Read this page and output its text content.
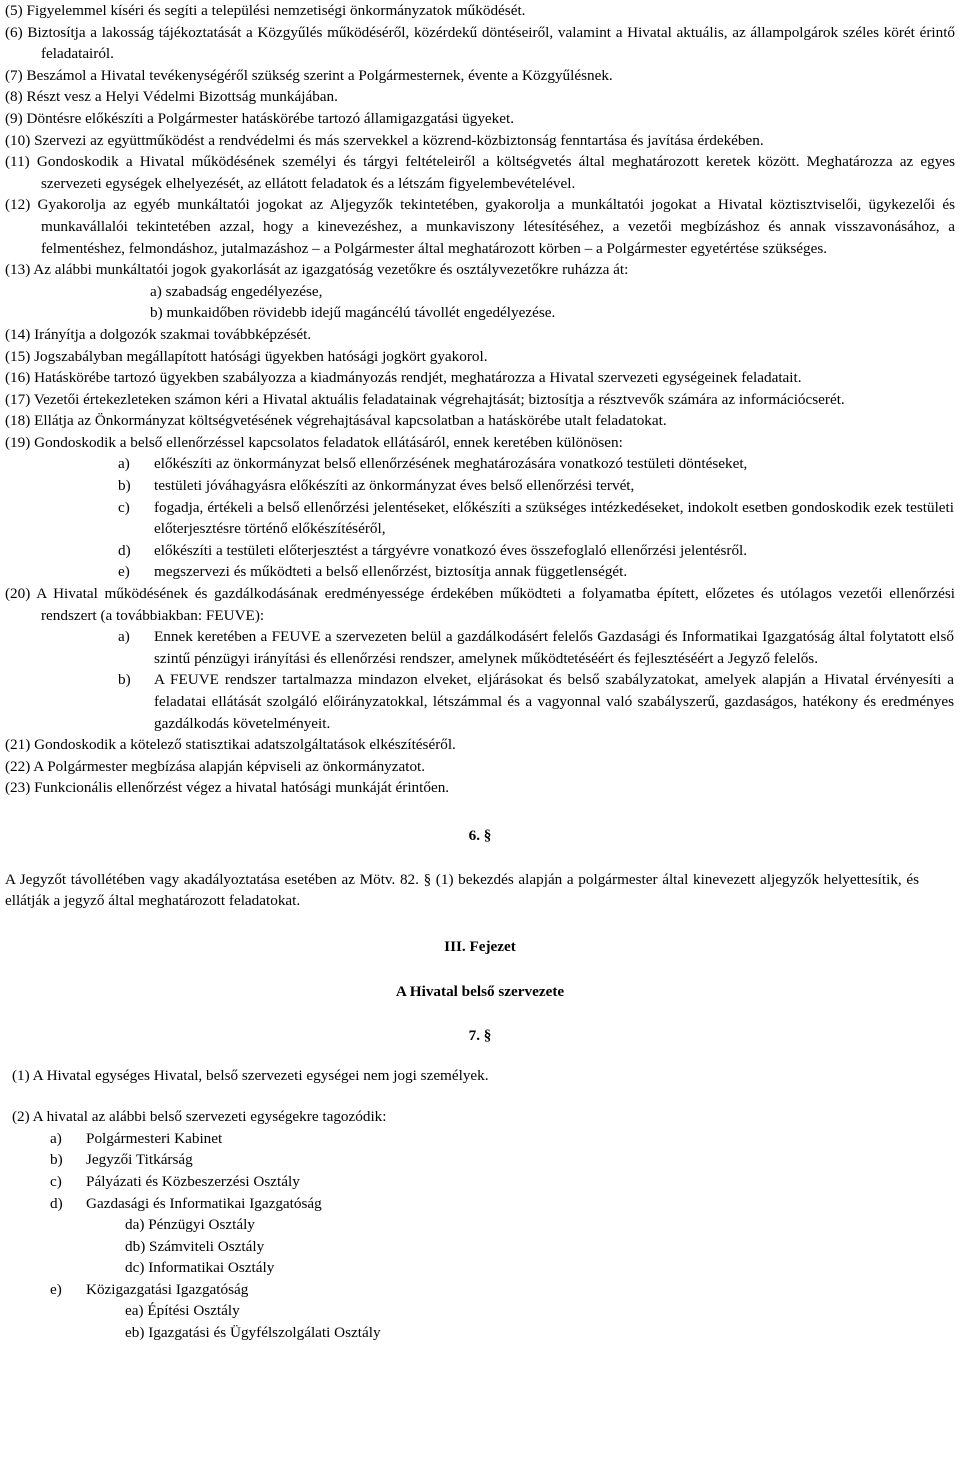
(5) Figyelemmel kíséri és segíti a települési nemzetiségi önkormányzatok működését.
(6) Biztosítja a lakosság tájékoztatását a Közgyűlés működéséről, közérdekű döntéseiről, valamint a Hivatal aktuális, az állampolgárok széles körét érintő feladatairól.
(7) Beszámol a Hivatal tevékenységéről szükség szerint a Polgármesternek, évente a Közgyűlésnek.
(8) Részt vesz a Helyi Védelmi Bizottság munkájában.
(9) Döntésre előkészíti a Polgármester hatáskörébe tartozó államigazgatási ügyeket.
(10) Szervezi az együttműködést a rendvédelmi és más szervekkel a közrend-közbiztonság fenntartása és javítása érdekében.
(11) Gondoskodik a Hivatal működésének személyi és tárgyi feltételeiről a költségvetés által meghatározott keretek között. Meghatározza az egyes szervezeti egységek elhelyezését, az ellátott feladatok és a létszám figyelembevételével.
(12) Gyakorolja az egyéb munkáltatói jogokat az Aljegyzők tekintetében, gyakorolja a munkáltatói jogokat a Hivatal köztisztviselői, ügykezelői és munkavállalói tekintetében azzal, hogy a kinevezéshez, a munkaviszony létesítéséhez, a vezetői megbízáshoz és annak visszavonásához, a felmentéshez, felmondáshoz, jutalmazáshoz – a Polgármester által meghatározott körben – a Polgármester egyetértése szükséges.
(13) Az alábbi munkáltatói jogok gyakorlását az igazgatóság vezetőkre és osztályvezetőkre ruházza át:

a) szabadság engedélyezése,

b) munkaidőben rövidebb idejű magáncélú távollét engedélyezése.

(14) Irányítja a dolgozók szakmai továbbképzését.
(15) Jogszabályban megállapított hatósági ügyekben hatósági jogkört gyakorol.
(16) Hatáskörébe tartozó ügyekben szabályozza a kiadmányozás rendjét, meghatározza a Hivatal szervezeti egységeinek feladatait.
(17) Vezetői értekezleteken számon kéri a Hivatal aktuális feladatainak végrehajtását; biztosítja a résztvevők számára az információcserét.
(18) Ellátja az Önkormányzat költségvetésének végrehajtásával kapcsolatban a hatáskörébe utalt feladatokat.
(19) Gondoskodik a belső ellenőrzéssel kapcsolatos feladatok ellátásáról, ennek keretében különösen:
a) előkészíti az önkormányzat belső ellenőrzésének meghatározására vonatkozó testületi döntéseket,
b) testületi jóváhagyásra előkészíti az önkormányzat éves belső ellenőrzési tervét,
c) fogadja, értékeli a belső ellenőrzési jelentéseket, előkészíti a szükséges intézkedéseket, indokolt esetben gondoskodik ezek testületi előterjesztésre történő előkészítéséről,
d) előkészíti a testületi előterjesztést a tárgyévre vonatkozó éves összefoglaló ellenőrzési jelentésről.
e) megszervezi és működteti a belső ellenőrzést, biztosítja annak függetlenségét.
(20) A Hivatal működésének és gazdálkodásának eredményessége érdekében működteti a folyamatba épített, előzetes és utólagos vezetői ellenőrzési rendszert (a továbbiakban: FEUVE):
a) Ennek keretében a FEUVE a szervezeten belül a gazdálkodásért felelős Gazdasági és Informatikai Igazgatóság által folytatott első szintű pénzügyi irányítási és ellenőrzési rendszer, amelynek működtetéséért és fejlesztéséért a Jegyző felelős.
b) A FEUVE rendszer tartalmazza mindazon elveket, eljárásokat és belső szabályzatokat, amelyek alapján a Hivatal érvényesíti a feladatai ellátását szolgáló előirányzatokkal, létszámmal és a vagyonnal való szabályszerű, gazdaságos, hatékony és eredményes gazdálkodás követelményeit.
(21) Gondoskodik a kötelező statisztikai adatszolgáltatások elkészítéséről.
(22) A Polgármester megbízása alapján képviseli az önkormányzatot.
(23) Funkcionális ellenőrzést végez a hivatal hatósági munkáját érintően.

6. §

A Jegyzőt távollétében vagy akadályoztatása esetében az Mötv. 82. § (1) bekezdés alapján a polgármester által kinevezett aljegyzők helyettesítik, és ellátják a jegyző által meghatározott feladatokat.

III. Fejezet

A Hivatal belső szervezete

7. §

(1) A Hivatal egységes Hivatal, belső szervezeti egységei nem jogi személyek.

(2) A hivatal az alábbi belső szervezeti egységekre tagozódik:

a) Polgármesteri Kabinet
b) Jegyzői Titkárság
c) Pályázati és Közbeszerzési Osztály
d) Gazdasági és Informatikai Igazgatóság
da) Pénzügyi Osztály
db) Számviteli Osztály
dc) Informatikai Osztály
e) Közigazgatási Igazgatóság
ea) Építési Osztály
eb) Igazgatási és Ügyfélszolgálati Osztály
